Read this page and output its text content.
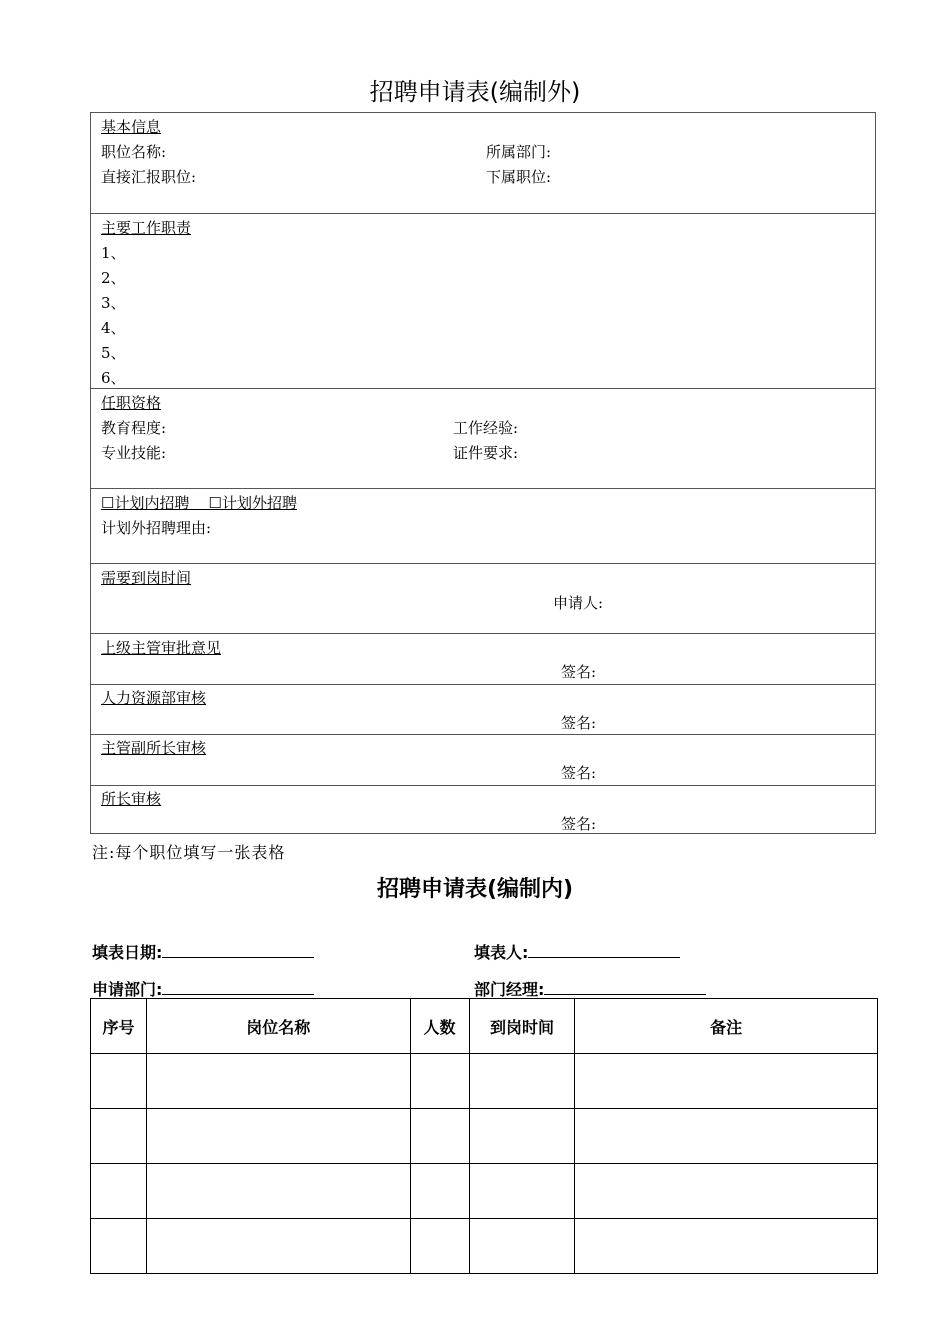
招聘申请表(编制外)
基本信息
职位名称:	所属部门:
直接汇报职位:	下属职位:
主要工作职责
1、
2、
3、
4、
5、
6、
任职资格
教育程度:	工作经验:
专业技能:	证件要求:
☐计划内招聘 ☐计划外招聘
计划外招聘理由:
需要到岗时间
申请人:
上级主管审批意见
签名:
人力资源部审核
签名:
主管副所长审核
签名:
所长审核
签名:
注:每个职位填写一张表格
招聘申请表(编制内)
填表日期:	填表人:
申请部门:	部门经理:
序号	岗位名称	人数	到岗时间	备注
